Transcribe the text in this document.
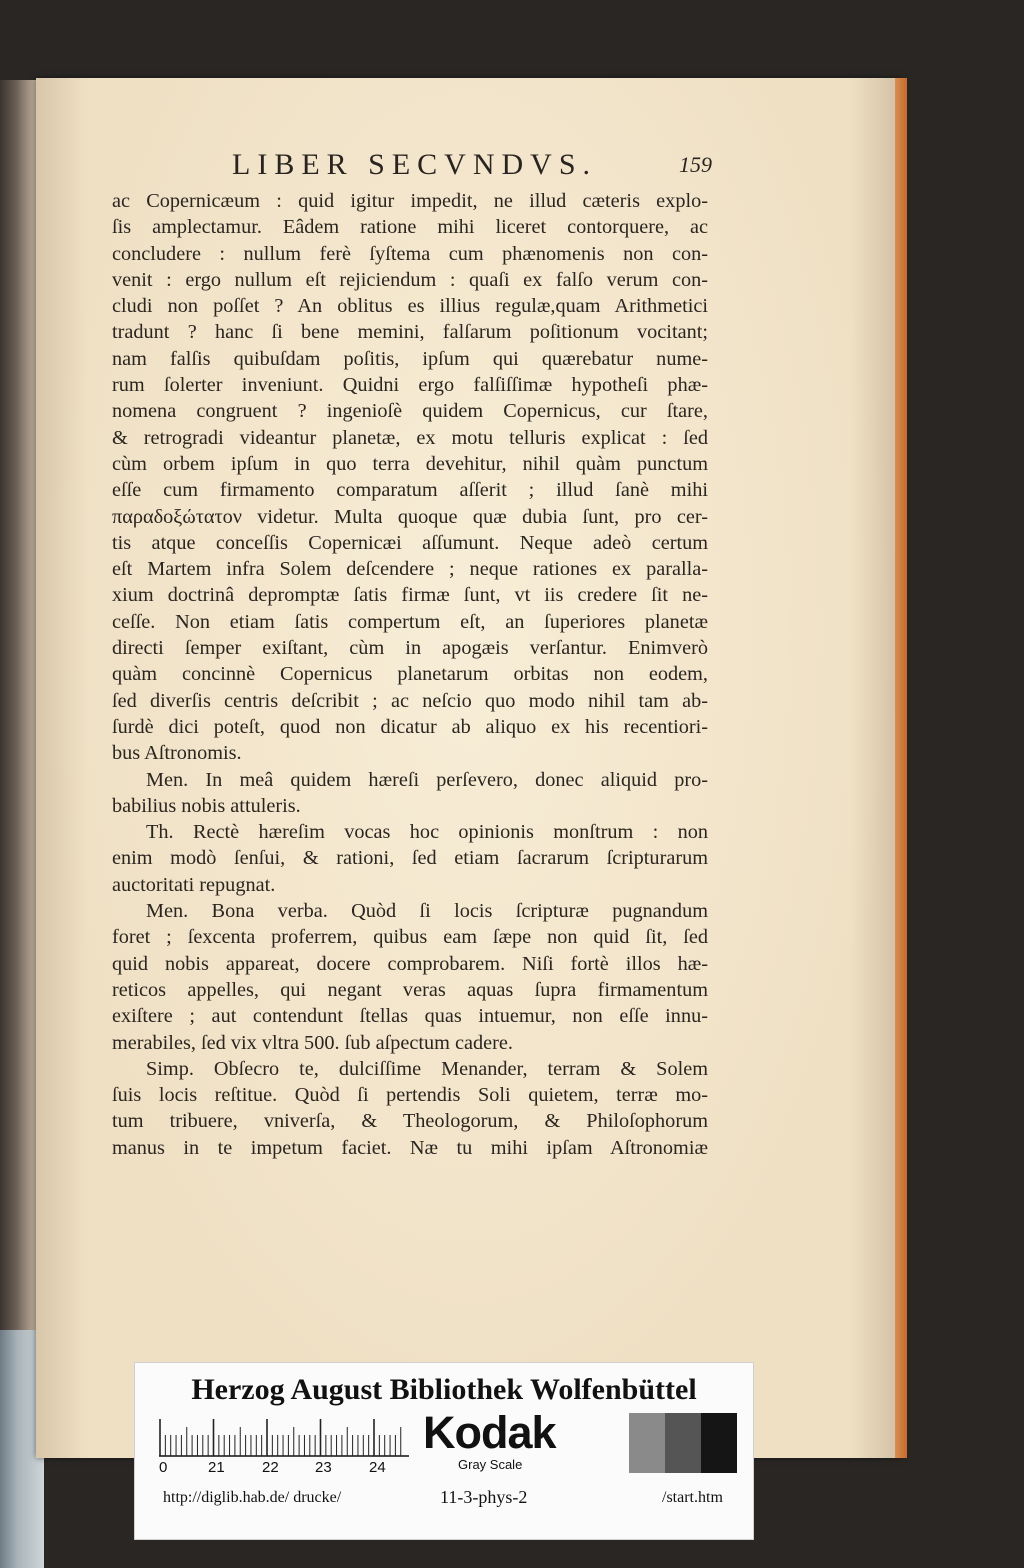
LIBER SECVNDVS.	159
ac Copernicæum : quid igitur impedit, ne illud cæteris explo-
ſis amplectamur. Eâdem ratione mihi liceret contorquere, ac
concludere : nullum ferè ſyſtema cum phænomenis non con-
venit : ergo nullum eſt rejiciendum : quaſi ex falſo verum con-
cludi non poſſet ? An oblitus es illius regulæ,quam Arithmetici
tradunt ? hanc ſi bene memini, falſarum poſitionum vocitant;
nam falſis quibuſdam poſitis, ipſum qui quærebatur nume-
rum ſolerter inveniunt. Quidni ergo falſiſſimæ hypotheſi phæ-
nomena congruent ? ingenioſè quidem Copernicus, cur ſtare,
& retrogradi videantur planetæ, ex motu telluris explicat : ſed
cùm orbem ipſum in quo terra devehitur, nihil quàm punctum
eſſe cum firmamento comparatum aſſerit ; illud ſanè mihi
παραδοξώτατον videtur. Multa quoque quæ dubia ſunt, pro cer-
tis atque conceſſis Copernicæi aſſumunt. Neque adeò certum
eſt Martem infra Solem deſcendere ; neque rationes ex paralla-
xium doctrinâ depromptæ ſatis firmæ ſunt, vt iis credere ſit ne-
ceſſe. Non etiam ſatis compertum eſt, an ſuperiores planetæ
directi ſemper exiſtant, cùm in apogæis verſantur. Enimverò
quàm concinnè Copernicus planetarum orbitas non eodem,
ſed diverſis centris deſcribit ; ac neſcio quo modo nihil tam ab-
ſurdè dici poteſt, quod non dicatur ab aliquo ex his recentiori-
bus Aſtronomis.
Men. In meâ quidem hæreſi perſevero, donec aliquid pro-
babilius nobis attuleris.
Th. Rectè hæreſim vocas hoc opinionis monſtrum : non
enim modò ſenſui, & rationi, ſed etiam ſacrarum ſcripturarum
auctoritati repugnat.
Men. Bona verba. Quòd ſi locis ſcripturæ pugnandum
foret ; ſexcenta proferrem, quibus eam ſæpe non quid ſit, ſed
quid nobis appareat, docere comprobarem. Niſi fortè illos hæ-
reticos appelles, qui negant veras aquas ſupra firmamentum
exiſtere ; aut contendunt ſtellas quas intuemur, non eſſe innu-
merabiles, ſed vix vltra 500. ſub aſpectum cadere.
Simp. Obſecro te, dulciſſime Menander, terram & Solem
ſuis locis reſtitue. Quòd ſi pertendis Soli quietem, terræ mo-
tum tribuere, vniverſa, & Theologorum, & Philoſophorum
manus in te impetum faciet. Næ tu mihi ipſam Aſtronomiæ
Herzog August Bibliothek Wolfenbüttel
0	21 22 23 24
Kodak
Gray Scale
http://diglib.hab.de/ drucke/	11-3-phys-2	/start.htm
